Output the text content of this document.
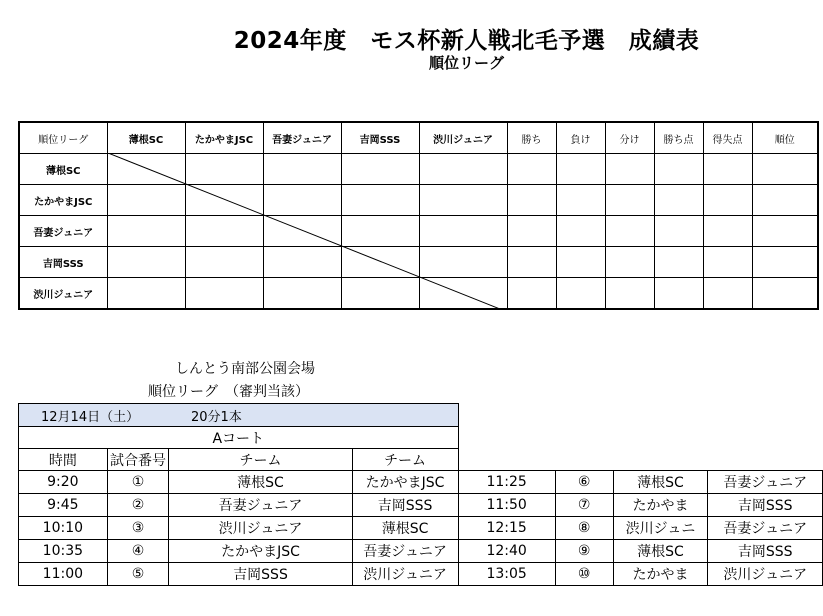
2024年度　モス杯新人戦北毛予選　成績表
順位リーグ
順位リーグ	薄根SC	たかやまJSC	吾妻ジュニア	吉岡SSS	渋川ジュニア	勝ち	負け	分け	勝ち点	得失点	順位
薄根SC											
たかやまJSC											
吾妻ジュニア											
吉岡SSS											
渋川ジュニア											
しんとう南部公園会場
順位リーグ　（審判当該）
12月14日（土） 20分1本							
Aコート							
時間	試合番号	チーム	チーム				
9:20	①	薄根SC	たかやまJSC	11:25	⑥	薄根SC	吾妻ジュニア
9:45	②	吾妻ジュニア	吉岡SSS	11:50	⑦	たかやま	吉岡SSS
10:10	③	渋川ジュニア	薄根SC	12:15	⑧	渋川ジュニ	吾妻ジュニア
10:35	④	たかやまJSC	吾妻ジュニア	12:40	⑨	薄根SC	吉岡SSS
11:00	⑤	吉岡SSS	渋川ジュニア	13:05	⑩	たかやま	渋川ジュニア
